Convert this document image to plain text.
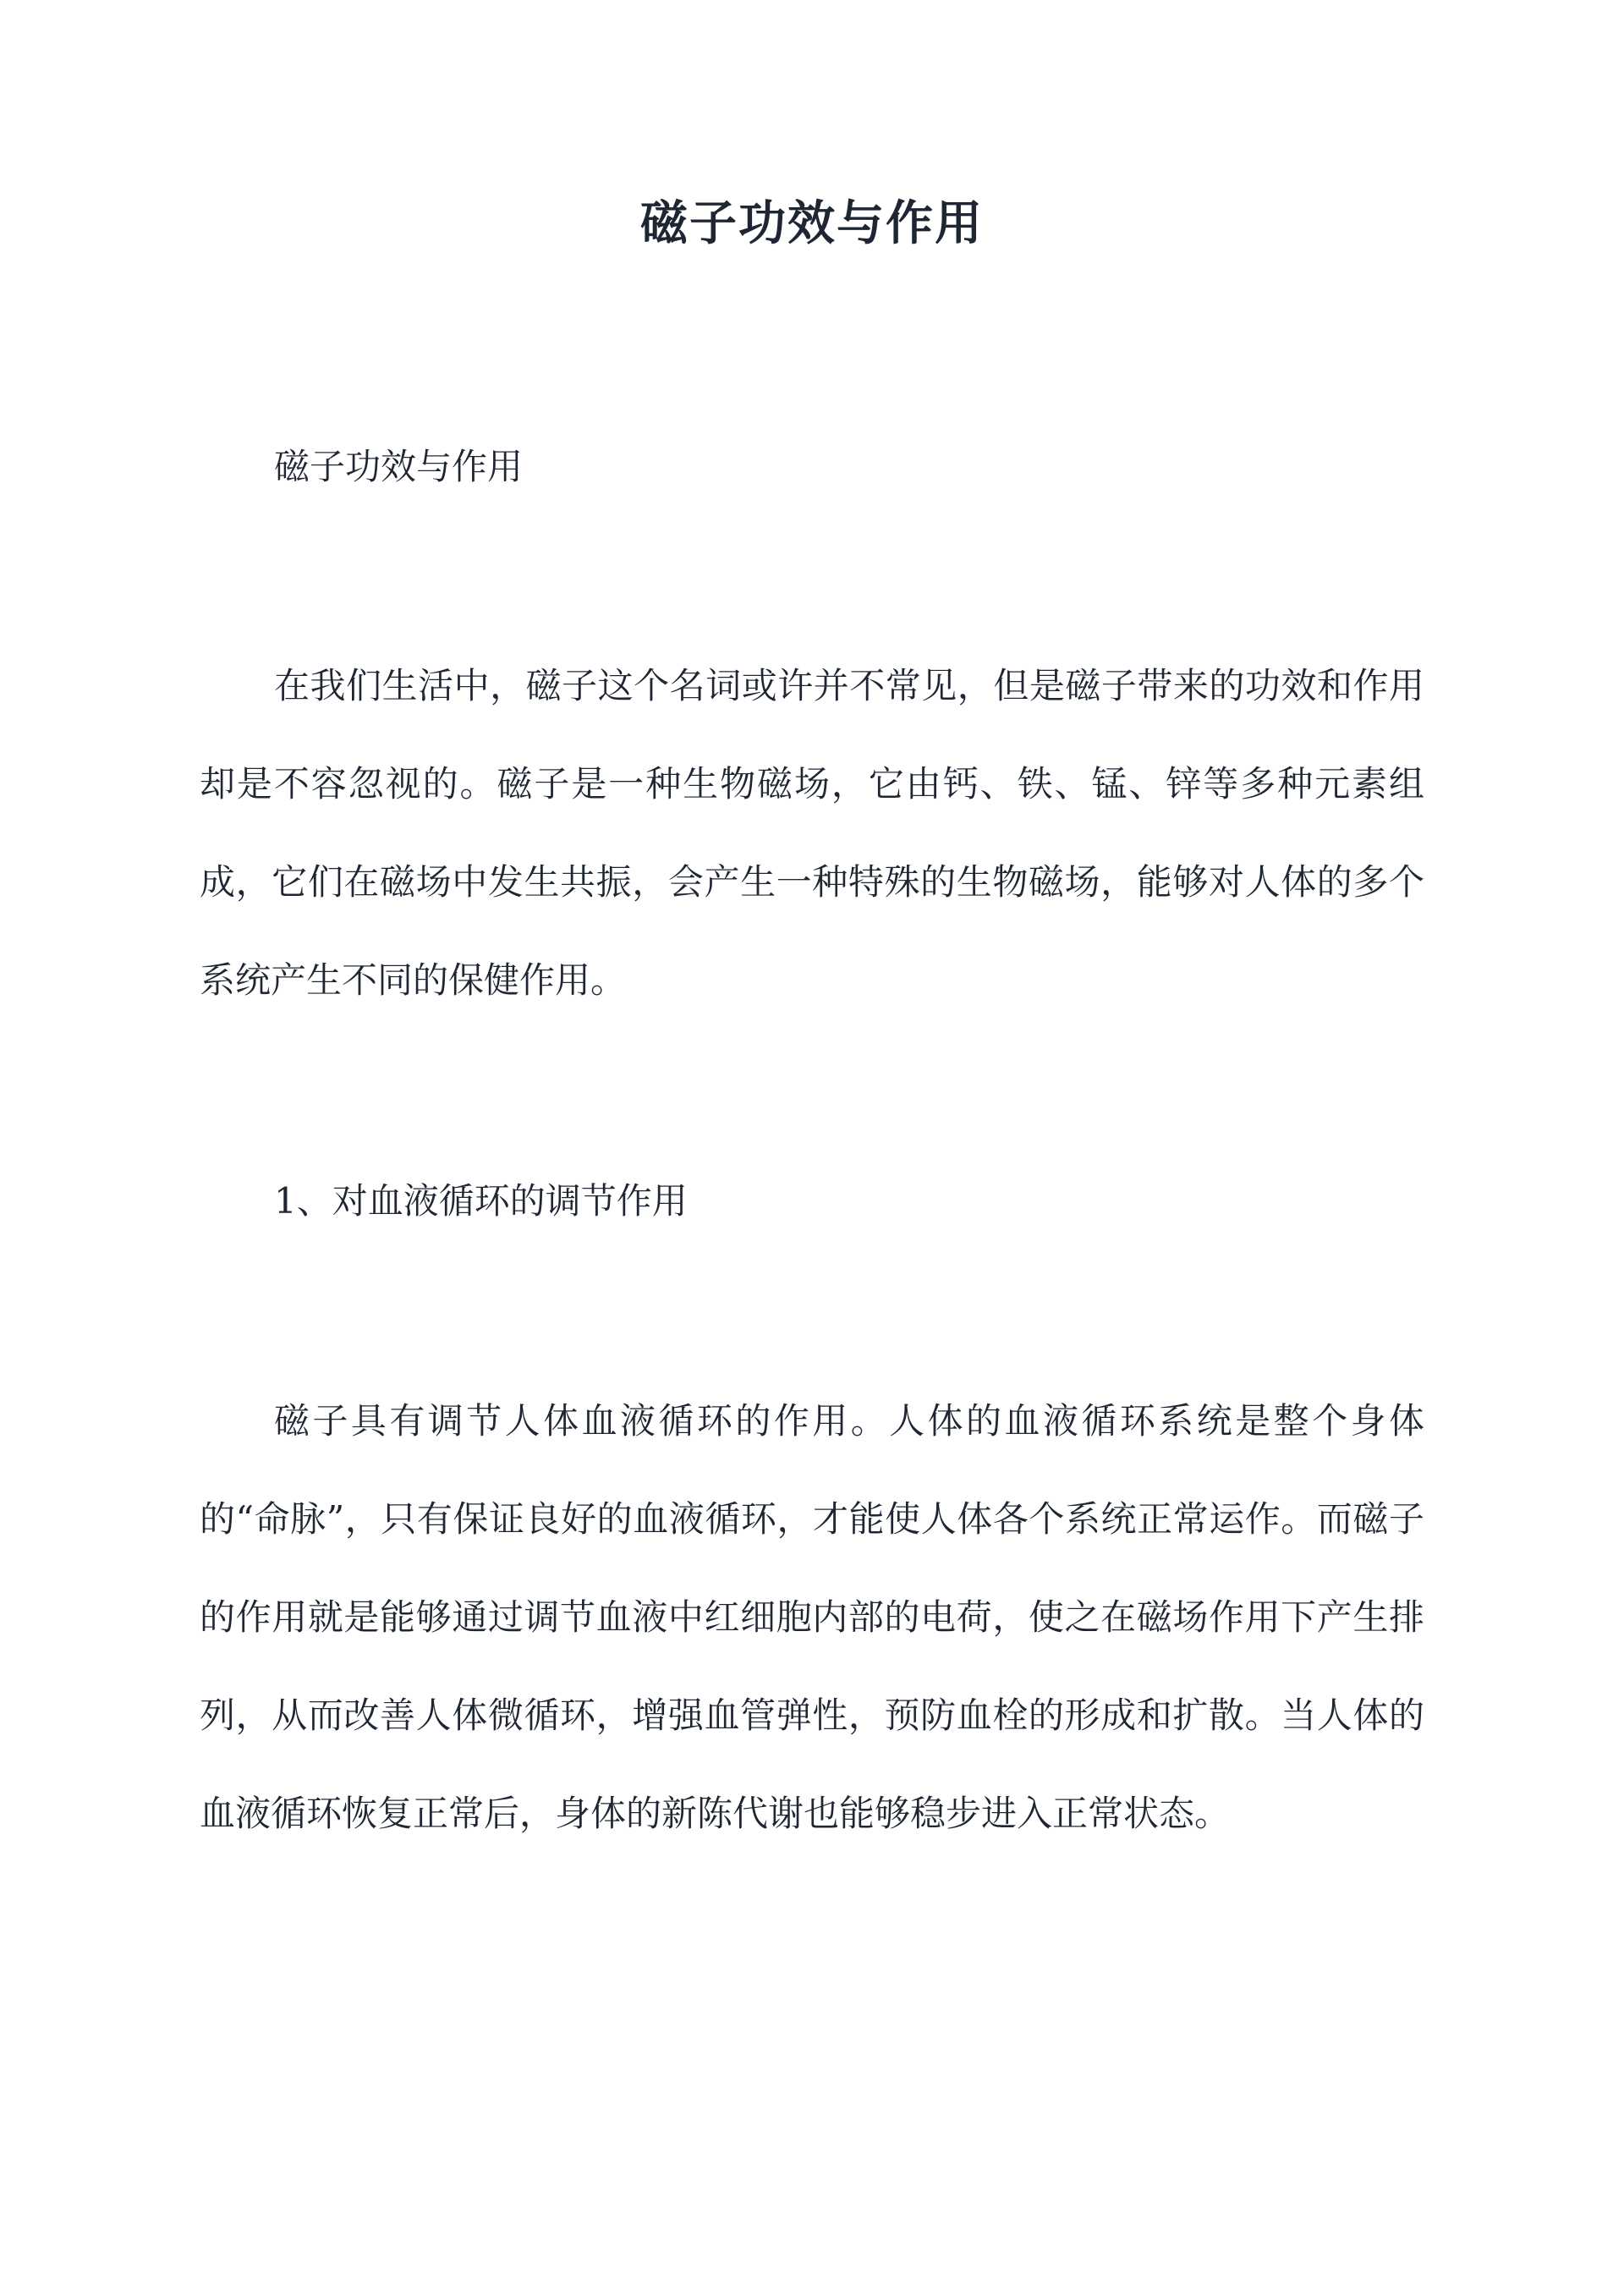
磁子功效与作用

磁子功效与作用

在我们生活中，磁子这个名词或许并不常见，但是磁子带来的功效和作用却是不容忽视的。磁子是一种生物磁场，它由钙、铁、锰、锌等多种元素组成，它们在磁场中发生共振，会产生一种特殊的生物磁场，能够对人体的多个系统产生不同的保健作用。

1、对血液循环的调节作用

磁子具有调节人体血液循环的作用。人体的血液循环系统是整个身体的“命脉”，只有保证良好的血液循环，才能使人体各个系统正常运作。而磁子的作用就是能够通过调节血液中红细胞内部的电荷，使之在磁场作用下产生排列，从而改善人体微循环，增强血管弹性，预防血栓的形成和扩散。当人体的血液循环恢复正常后，身体的新陈代谢也能够稳步进入正常状态。
